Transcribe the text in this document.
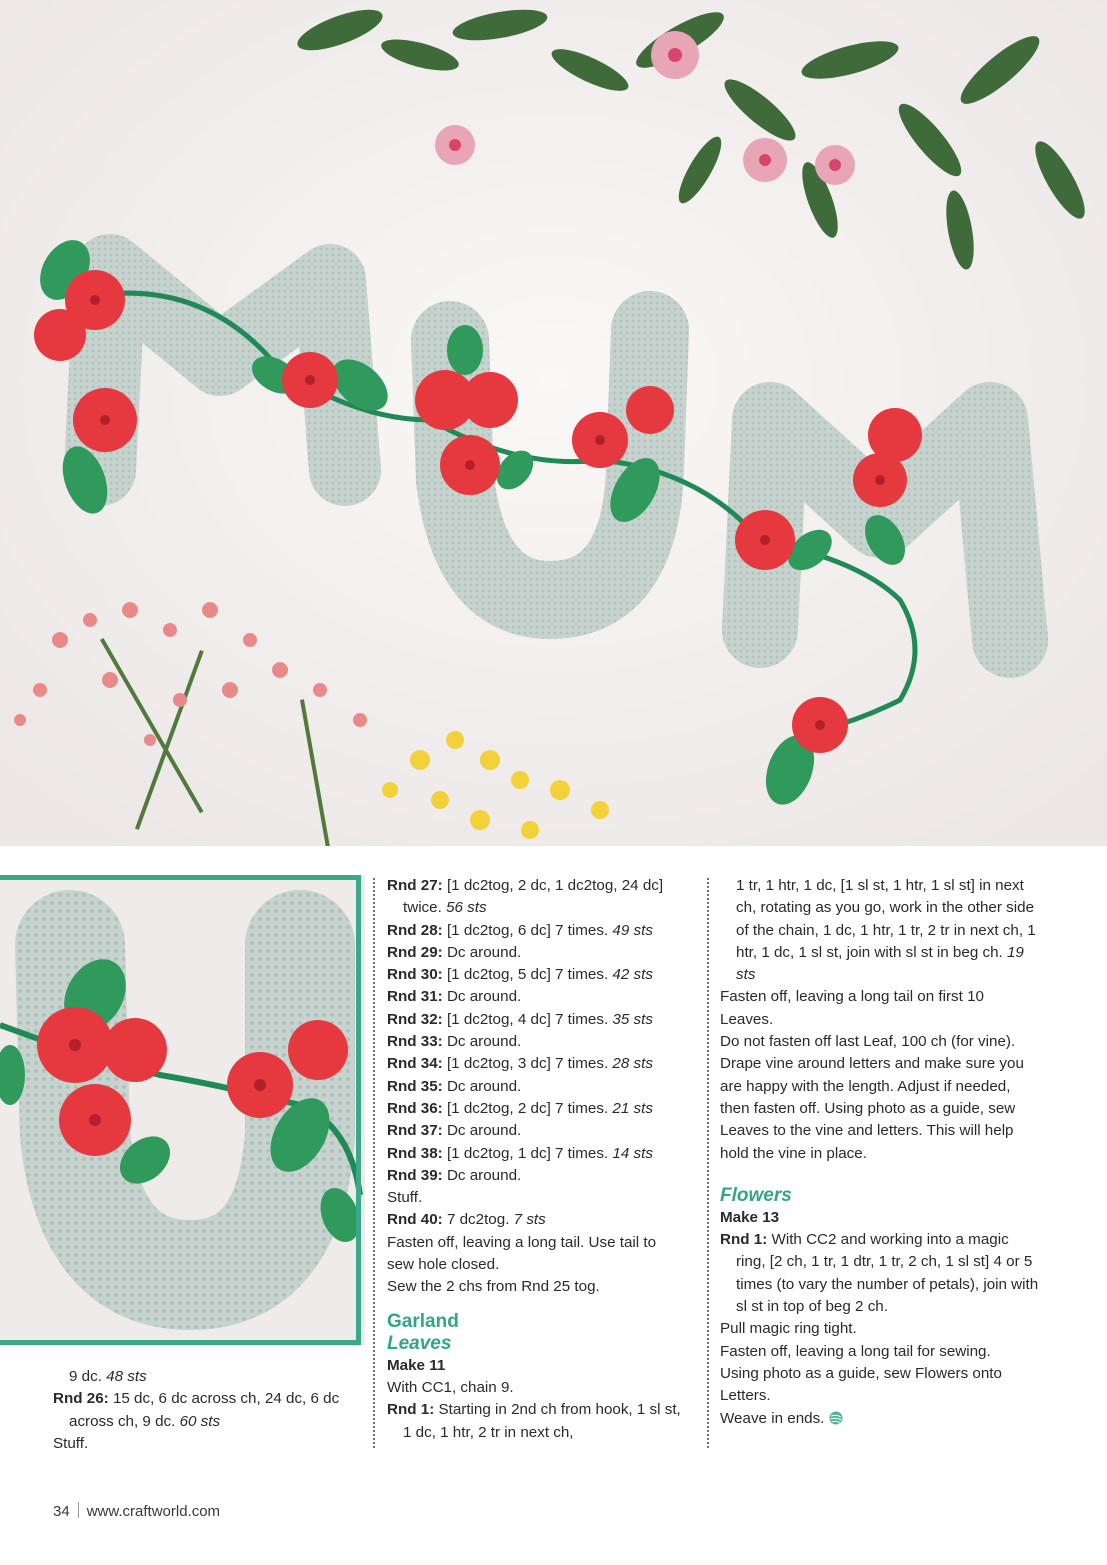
9 dc. 48 sts

Rnd 26: 15 dc, 6 dc across ch, 24 dc, 6 dc across ch, 9 dc. 60 sts

Stuff.

Rnd 27: [1 dc2tog, 2 dc, 1 dc2tog, 24 dc] twice. 56 sts

Rnd 28: [1 dc2tog, 6 dc] 7 times. 49 sts

Rnd 29: Dc around.

Rnd 30: [1 dc2tog, 5 dc] 7 times. 42 sts

Rnd 31: Dc around.

Rnd 32: [1 dc2tog, 4 dc] 7 times. 35 sts

Rnd 33: Dc around.

Rnd 34: [1 dc2tog, 3 dc] 7 times. 28 sts

Rnd 35: Dc around.

Rnd 36: [1 dc2tog, 2 dc] 7 times. 21 sts

Rnd 37: Dc around.

Rnd 38: [1 dc2tog, 1 dc] 7 times. 14 sts

Rnd 39: Dc around.

Stuff.

Rnd 40: 7 dc2tog. 7 sts

Fasten off, leaving a long tail. Use tail to sew hole closed.

Sew the 2 chs from Rnd 25 tog.

Garland

Leaves

Make 11

With CC1, chain 9.

Rnd 1: Starting in 2nd ch from hook, 1 sl st, 1 dc, 1 htr, 2 tr in next ch,

1 tr, 1 htr, 1 dc, [1 sl st, 1 htr, 1 sl st] in next ch, rotating as you go, work in the other side of the chain, 1 dc, 1 htr, 1 tr, 2 tr in next ch, 1 htr, 1 dc, 1 sl st, join with sl st in beg ch. 19 sts

Fasten off, leaving a long tail on first 10 Leaves.

Do not fasten off last Leaf, 100 ch (for vine). Drape vine around letters and make sure you are happy with the length. Adjust if needed, then fasten off. Using photo as a guide, sew Leaves to the vine and letters. This will help hold the vine in place.

Flowers

Make 13

Rnd 1: With CC2 and working into a magic ring, [2 ch, 1 tr, 1 dtr, 1 tr, 2 ch, 1 sl st] 4 or 5 times (to vary the number of petals), join with sl st in top of beg 2 ch.

Pull magic ring tight.

Fasten off, leaving a long tail for sewing.

Using photo as a guide, sew Flowers onto Letters.

Weave in ends.

34 www.craftworld.com
